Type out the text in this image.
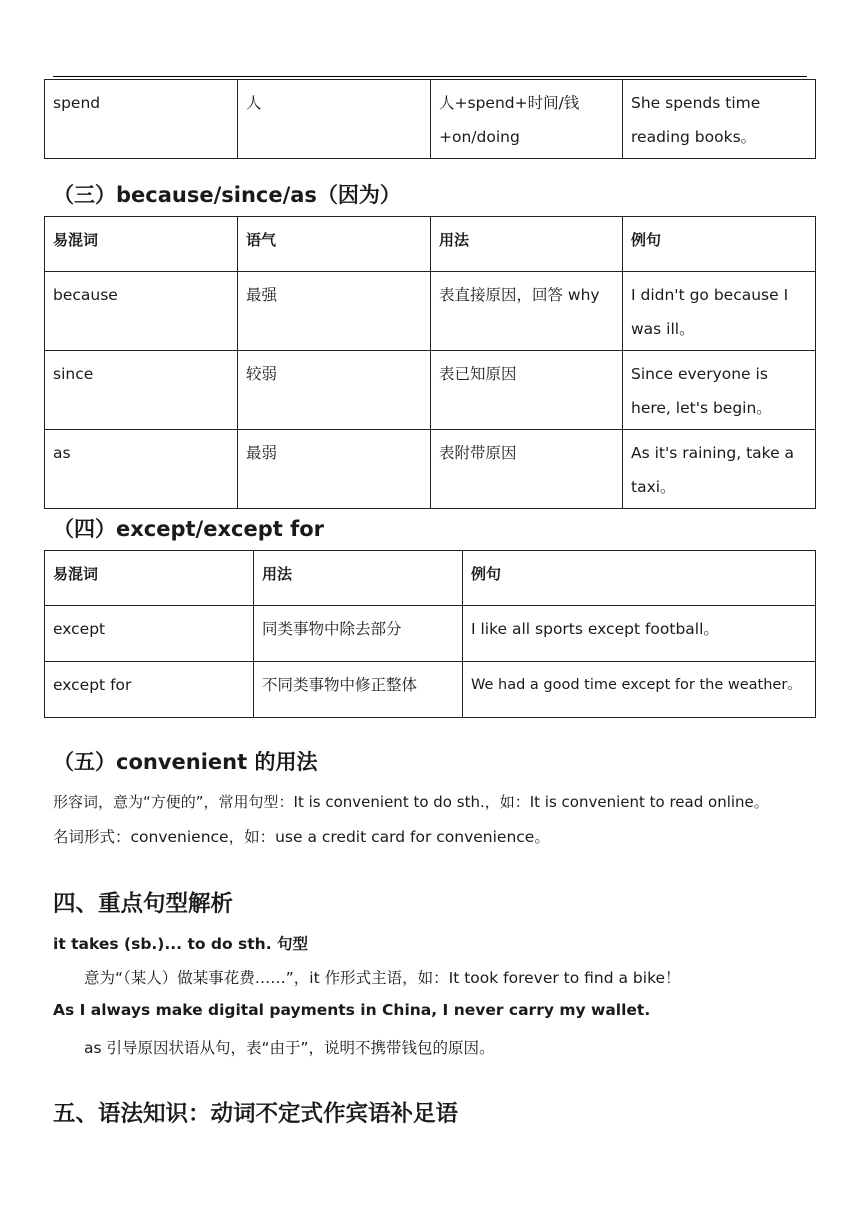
spend	人	人+spend+时间/钱+on/doing	She spends time reading books。
（三）because/since/as（因为）
易混词	语气	用法	例句
because	最强	表直接原因，回答 why	I didn't go because I was ill。
since	较弱	表已知原因	Since everyone is here, let's begin。
as	最弱	表附带原因	As it's raining, take a taxi。
（四）except/except for
易混词	用法	例句
except	同类事物中除去部分	I like all sports except football。
except for	不同类事物中修正整体	We had a good time except for the weather。
（五）convenient 的用法
形容词，意为“方便的”，常用句型：It is convenient to do sth.，如：It is convenient to read online。
名词形式：convenience，如：use a credit card for convenience。
四、重点句型解析
it takes (sb.)... to do sth. 句型
意为“（某人）做某事花费……”，it 作形式主语，如：It took forever to find a bike！
As I always make digital payments in China, I never carry my wallet.
as 引导原因状语从句，表“由于”，说明不携带钱包的原因。
五、语法知识：动词不定式作宾语补足语
